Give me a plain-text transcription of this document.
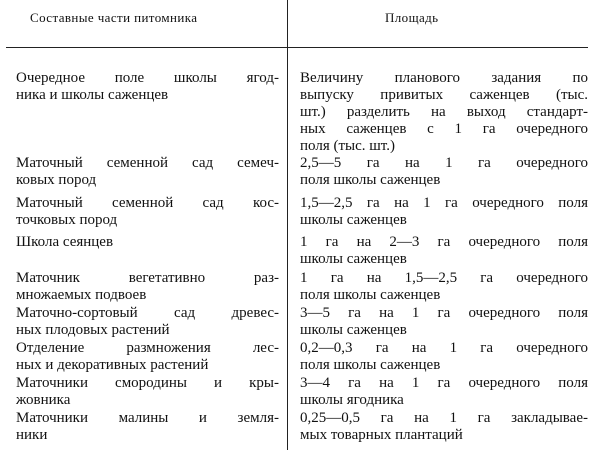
Составные части питомника	Площадь
Очередное поле школы ягод-
ника и школы саженцев
Величину планового задания по
выпуску привитых саженцев (тыс.
шт.) разделить на выход стандарт-
ных саженцев с 1 га очередного
поля (тыс. шт.)
Маточный семенной сад семеч-
ковых пород
2,5—5 га на 1 га очередного
поля школы саженцев
Маточный семенной сад кос-
точковых пород
1,5—2,5 га на 1 га очередного поля
школы саженцев
Школа сеянцев	1 га на 2—3 га очередного поля
школы саженцев
Маточник вегетативно раз-
множаемых подвоев
1 га на 1,5—2,5 га очередного
поля школы саженцев
Маточно-сортовый сад древес-
ных плодовых растений
3—5 га на 1 га очередного поля
школы саженцев
Отделение размножения лес-
ных и декоративных растений
0,2—0,3 га на 1 га очередного
поля школы саженцев
Маточники смородины и кры-
жовника
3—4 га на 1 га очередного поля
школы ягодника
Маточники малины и земля-
ники
0,25—0,5 га на 1 га закладывае-
мых товарных плантаций
